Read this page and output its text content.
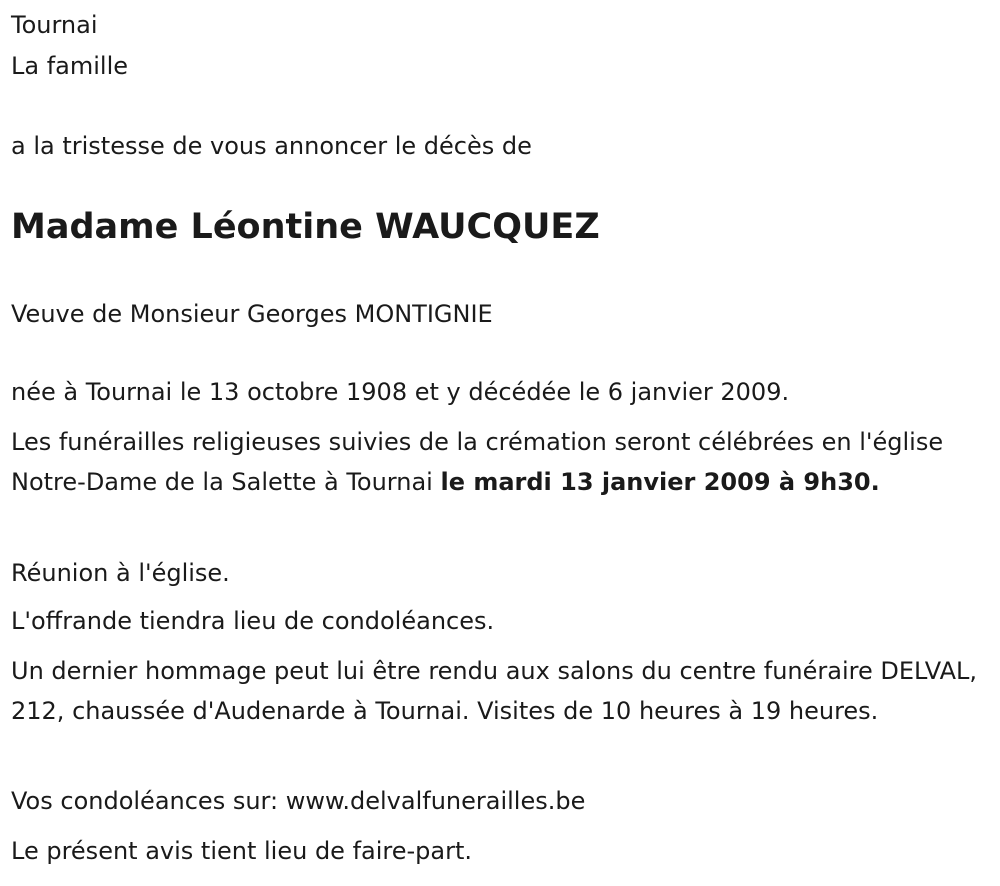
Tournai

La famille

a la tristesse de vous annoncer le décès de

Madame Léontine WAUCQUEZ

Veuve de Monsieur Georges MONTIGNIE

née à Tournai le 13 octobre 1908 et y décédée le 6 janvier 2009.

Les funérailles religieuses suivies de la crémation seront célébrées en l'église Notre-Dame de la Salette à Tournai le mardi 13 janvier 2009 à 9h30.

Réunion à l'église.

L'offrande tiendra lieu de condoléances.

Un dernier hommage peut lui être rendu aux salons du centre funéraire DELVAL, 212, chaussée d'Audenarde à Tournai. Visites de 10 heures à 19 heures.

Vos condoléances sur: www.delvalfunerailles.be

Le présent avis tient lieu de faire-part.
